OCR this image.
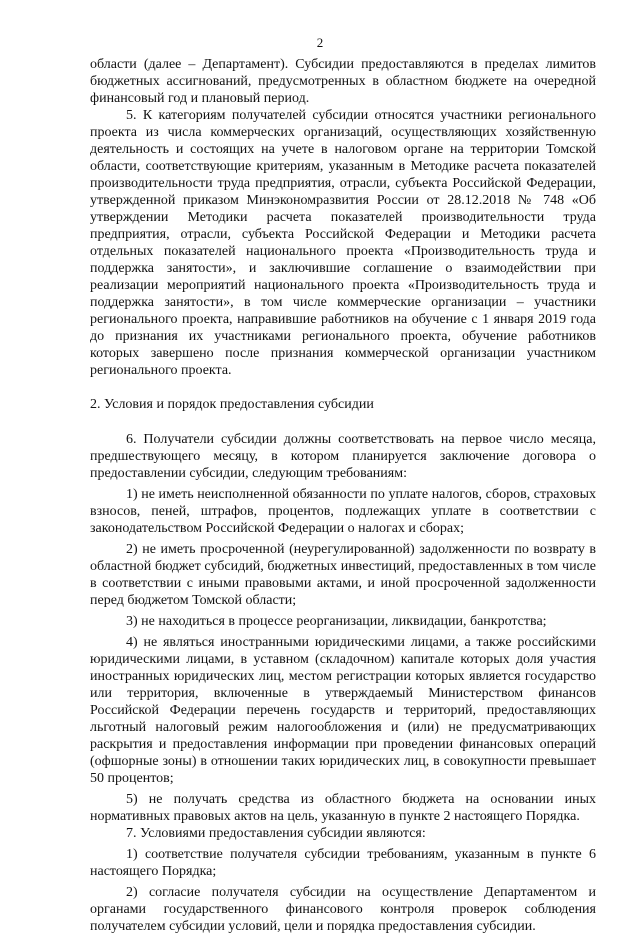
2

области (далее – Департамент). Субсидии предоставляются в пределах лимитов бюджетных ассигнований, предусмотренных в областном бюджете на очередной финансовый год и плановый период.

5. К категориям получателей субсидии относятся участники регионального проекта из числа коммерческих организаций, осуществляющих хозяйственную деятельность и состоящих на учете в налоговом органе на территории Томской области, соответствующие критериям, указанным в Методике расчета показателей производительности труда предприятия, отрасли, субъекта Российской Федерации, утвержденной приказом Минэкономразвития России от 28.12.2018 № 748 «Об утверждении Методики расчета показателей производительности труда предприятия, отрасли, субъекта Российской Федерации и Методики расчета отдельных показателей национального проекта «Производительность труда и поддержка занятости», и заключившие соглашение о взаимодействии при реализации мероприятий национального проекта «Производительность труда и поддержка занятости», в том числе коммерческие организации – участники регионального проекта, направившие работников на обучение с 1 января 2019 года до признания их участниками регионального проекта, обучение работников которых завершено после признания коммерческой организации участником регионального проекта.

2. Условия и порядок предоставления субсидии

6. Получатели субсидии должны соответствовать на первое число месяца, предшествующего месяцу, в котором планируется заключение договора о предоставлении субсидии, следующим требованиям:

1) не иметь неисполненной обязанности по уплате налогов, сборов, страховых взносов, пеней, штрафов, процентов, подлежащих уплате в соответствии с законодательством Российской Федерации о налогах и сборах;

2) не иметь просроченной (неурегулированной) задолженности по возврату в областной бюджет субсидий, бюджетных инвестиций, предоставленных в том числе в соответствии с иными правовыми актами, и иной просроченной задолженности перед бюджетом Томской области;

3) не находиться в процессе реорганизации, ликвидации, банкротства;

4) не являться иностранными юридическими лицами, а также российскими юридическими лицами, в уставном (складочном) капитале которых доля участия иностранных юридических лиц, местом регистрации которых является государство или территория, включенные в утверждаемый Министерством финансов Российской Федерации перечень государств и территорий, предоставляющих льготный налоговый режим налогообложения и (или) не предусматривающих раскрытия и предоставления информации при проведении финансовых операций (офшорные зоны) в отношении таких юридических лиц, в совокупности превышает 50 процентов;

5) не получать средства из областного бюджета на основании иных нормативных правовых актов на цель, указанную в пункте 2 настоящего Порядка.

7. Условиями предоставления субсидии являются:

1) соответствие получателя субсидии требованиям, указанным в пункте 6 настоящего Порядка;

2) согласие получателя субсидии на осуществление Департаментом и органами государственного финансового контроля проверок соблюдения получателем субсидии условий, цели и порядка предоставления субсидии.
